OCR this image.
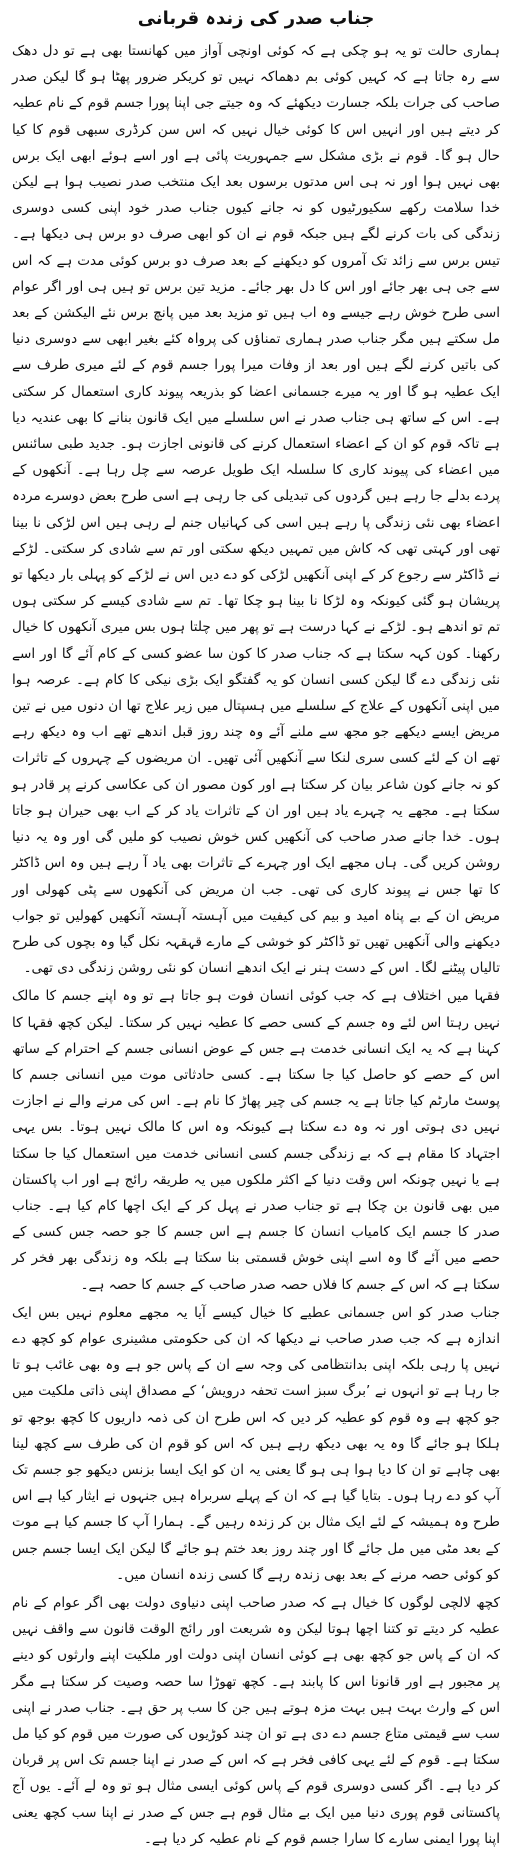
جناب صدر کی زندہ قربانی

ہماری حالت تو یہ ہو چکی ہے کہ کوئی اونچی آواز میں کھانستا بھی ہے تو دل دھک سے رہ جاتا ہے کہ کہیں کوئی بم دھماکہ نہیں تو کریکر ضرور پھٹا ہو گا لیکن صدر صاحب کی جرات بلکہ جسارت دیکھئے کہ وہ جیتے جی اپنا پورا جسم قوم کے نام عطیہ کر دیتے ہیں اور انہیں اس کا کوئی خیال نہیں کہ اس سن کرڈری سبھی قوم کا کیا حال ہو گا۔ قوم نے بڑی مشکل سے جمہوریت پائی ہے اور اسے ہوئے ابھی ایک برس بھی نہیں ہوا اور نہ ہی اس مدتوں برسوں بعد ایک منتخب صدر نصیب ہوا ہے لیکن خدا سلامت رکھے سکیورٹیوں کو نہ جانے کیوں جناب صدر خود اپنی کسی دوسری زندگی کی بات کرنے لگے ہیں جبکہ قوم نے ان کو ابھی صرف دو برس ہی دیکھا ہے۔ تیس برس سے زائد تک آمروں کو دیکھنے کے بعد صرف دو برس کوئی مدت ہے کہ اس سے جی ہی بھر جائے اور اس کا دل بھر جائے۔ مزید تین برس تو ہیں ہی اور اگر عوام اسی طرح خوش رہے جیسے وہ اب ہیں تو مزید بعد میں پانچ برس نئے الیکشن کے بعد مل سکتے ہیں مگر جناب صدر ہماری تمناؤں کی پرواہ کئے بغیر ابھی سے دوسری دنیا کی باتیں کرنے لگے ہیں اور بعد از وفات میرا پورا جسم قوم کے لئے میری طرف سے ایک عطیہ ہو گا اور یہ میرے جسمانی اعضا کو بذریعہ پیوند کاری استعمال کر سکتی ہے۔ اس کے ساتھ ہی جناب صدر نے اس سلسلے میں ایک قانون بنانے کا بھی عندیہ دیا ہے تاکہ قوم کو ان کے اعضاء استعمال کرنے کی قانونی اجازت ہو۔ جدید طبی سائنس میں اعضاء کی پیوند کاری کا سلسلہ ایک طویل عرصہ سے چل رہا ہے۔ آنکھوں کے پردے بدلے جا رہے ہیں گردوں کی تبدیلی کی جا رہی ہے اسی طرح بعض دوسرے مردہ اعضاء بھی نئی زندگی پا رہے ہیں اسی کی کہانیاں جنم لے رہی ہیں اس لڑکی نا بینا تھی اور کہتی تھی کہ کاش میں تمہیں دیکھ سکتی اور تم سے شادی کر سکتی۔ لڑکے نے ڈاکٹر سے رجوع کر کے اپنی آنکھیں لڑکی کو دے دیں اس نے لڑکے کو پہلی بار دیکھا تو پریشان ہو گئی کیونکہ وہ لڑکا نا بینا ہو چکا تھا۔ تم سے شادی کیسے کر سکتی ہوں تم تو اندھے ہو۔ لڑکے نے کہا درست ہے تو پھر میں چلتا ہوں بس میری آنکھوں کا خیال رکھنا۔ کون کہہ سکتا ہے کہ جناب صدر کا کون سا عضو کسی کے کام آئے گا اور اسے نئی زندگی دے گا لیکن کسی انسان کو یہ گفتگو ایک بڑی نیکی کا کام ہے۔ عرصہ ہوا میں اپنی آنکھوں کے علاج کے سلسلے میں ہسپتال میں زیر علاج تھا ان دنوں میں نے تین مریض ایسے دیکھے جو مجھ سے ملنے آئے وہ چند روز قبل اندھے تھے اب وہ دیکھ رہے تھے ان کے لئے کسی سری لنکا سے آنکھیں آئی تھیں۔ ان مریضوں کے چہروں کے تاثرات کو نہ جانے کون شاعر بیان کر سکتا ہے اور کون مصور ان کی عکاسی کرنے پر قادر ہو سکتا ہے۔ مجھے یہ چہرے یاد ہیں اور ان کے تاثرات یاد کر کے اب بھی حیران ہو جاتا ہوں۔ خدا جانے صدر صاحب کی آنکھیں کس خوش نصیب کو ملیں گی اور وہ یہ دنیا روشن کریں گی۔ ہاں مجھے ایک اور چہرے کے تاثرات بھی یاد آ رہے ہیں وہ اس ڈاکٹر کا تھا جس نے پیوند کاری کی تھی۔ جب ان مریض کی آنکھوں سے پٹی کھولی اور مریض ان کے بے پناہ امید و بیم کی کیفیت میں آہستہ آہستہ آنکھیں کھولیں تو جواب دیکھنے والی آنکھیں تھیں تو ڈاکٹر کو خوشی کے مارے قہقہہ نکل گیا وہ بچوں کی طرح تالیاں پیٹنے لگا۔ اس کے دست ہنر نے ایک اندھے انسان کو نئی روشن زندگی دی تھی۔

فقہا میں اختلاف ہے کہ جب کوئی انسان فوت ہو جاتا ہے تو وہ اپنے جسم کا مالک نہیں رہتا اس لئے وہ جسم کے کسی حصے کا عطیہ نہیں کر سکتا۔ لیکن کچھ فقہا کا کہنا ہے کہ یہ ایک انسانی خدمت ہے جس کے عوض انسانی جسم کے احترام کے ساتھ اس کے حصے کو حاصل کیا جا سکتا ہے۔ کسی حادثاتی موت میں انسانی جسم کا پوسٹ مارٹم کیا جاتا ہے یہ جسم کی چیر پھاڑ کا نام ہے۔ اس کی مرنے والے نے اجازت نہیں دی ہوتی اور نہ وہ دے سکتا ہے کیونکہ وہ اس کا مالک نہیں ہوتا۔ بس یہی اجتہاد کا مقام ہے کہ بے زندگی جسم کسی انسانی خدمت میں استعمال کیا جا سکتا ہے یا نہیں چونکہ اس وقت دنیا کے اکثر ملکوں میں یہ طریقہ رائج ہے اور اب پاکستان میں بھی قانون بن چکا ہے تو جناب صدر نے پہل کر کے ایک اچھا کام کیا ہے۔ جناب صدر کا جسم ایک کامیاب انسان کا جسم ہے اس جسم کا جو حصہ جس کسی کے حصے میں آئے گا وہ اسے اپنی خوش قسمتی بنا سکتا ہے بلکہ وہ زندگی بھر فخر کر سکتا ہے کہ اس کے جسم کا فلاں حصہ صدر صاحب کے جسم کا حصہ ہے۔

جناب صدر کو اس جسمانی عطیے کا خیال کیسے آیا یہ مجھے معلوم نہیں بس ایک اندازہ ہے کہ جب صدر صاحب نے دیکھا کہ ان کی حکومتی مشینری عوام کو کچھ دے نہیں پا رہی بلکہ اپنی بدانتظامی کی وجہ سے ان کے پاس جو ہے وہ بھی غائب ہو تا جا رہا ہے تو انہوں نے ’برگ سبز است تحفہ درویش‘ کے مصداق اپنی ذاتی ملکیت میں جو کچھ ہے وہ قوم کو عطیہ کر دیں کہ اس طرح ان کی ذمہ داریوں کا کچھ بوجھ تو ہلکا ہو جائے گا وہ یہ بھی دیکھ رہے ہیں کہ اس کو قوم ان کی طرف سے کچھ لینا بھی چاہے تو ان کا دیا ہوا ہی ہو گا یعنی یہ ان کو ایک ایسا بزنس دیکھو جو جسم تک آپ کو دے رہا ہوں۔ بتایا گیا ہے کہ ان کے پہلے سربراہ ہیں جنہوں نے ایثار کیا ہے اس طرح وہ ہمیشہ کے لئے ایک مثال بن کر زندہ رہیں گے۔ ہمارا آپ کا جسم کیا ہے موت کے بعد مٹی میں مل جائے گا اور چند روز بعد ختم ہو جائے گا لیکن ایک ایسا جسم جس کو کوئی حصہ مرنے کے بعد بھی زندہ رہے گا کسی زندہ انسان میں۔

کچھ لالچی لوگوں کا خیال ہے کہ صدر صاحب اپنی دنیاوی دولت بھی اگر عوام کے نام عطیہ کر دیتے تو کتنا اچھا ہوتا لیکن وہ شریعت اور رائج الوقت قانون سے واقف نہیں کہ ان کے پاس جو کچھ بھی ہے کوئی انسان اپنی دولت اور ملکیت اپنے وارثوں کو دینے پر مجبور ہے اور قانونا اس کا پابند ہے۔ کچھ تھوڑا سا حصہ وصیت کر سکتا ہے مگر اس کے وارث بہت ہیں بہت مزہ ہوتے ہیں جن کا سب پر حق ہے۔ جناب صدر نے اپنی سب سے قیمتی متاع جسم دے دی ہے تو ان چند کوڑیوں کی صورت میں قوم کو کیا مل سکتا ہے۔ قوم کے لئے یہی کافی فخر ہے کہ اس کے صدر نے اپنا جسم تک اس پر قربان کر دیا ہے۔ اگر کسی دوسری قوم کے پاس کوئی ایسی مثال ہو تو وہ لے آئے۔ یوں آج پاکستانی قوم پوری دنیا میں ایک بے مثال قوم ہے جس کے صدر نے اپنا سب کچھ یعنی اپنا پورا ایمنی سارے کا سارا جسم قوم کے نام عطیہ کر دیا ہے۔
